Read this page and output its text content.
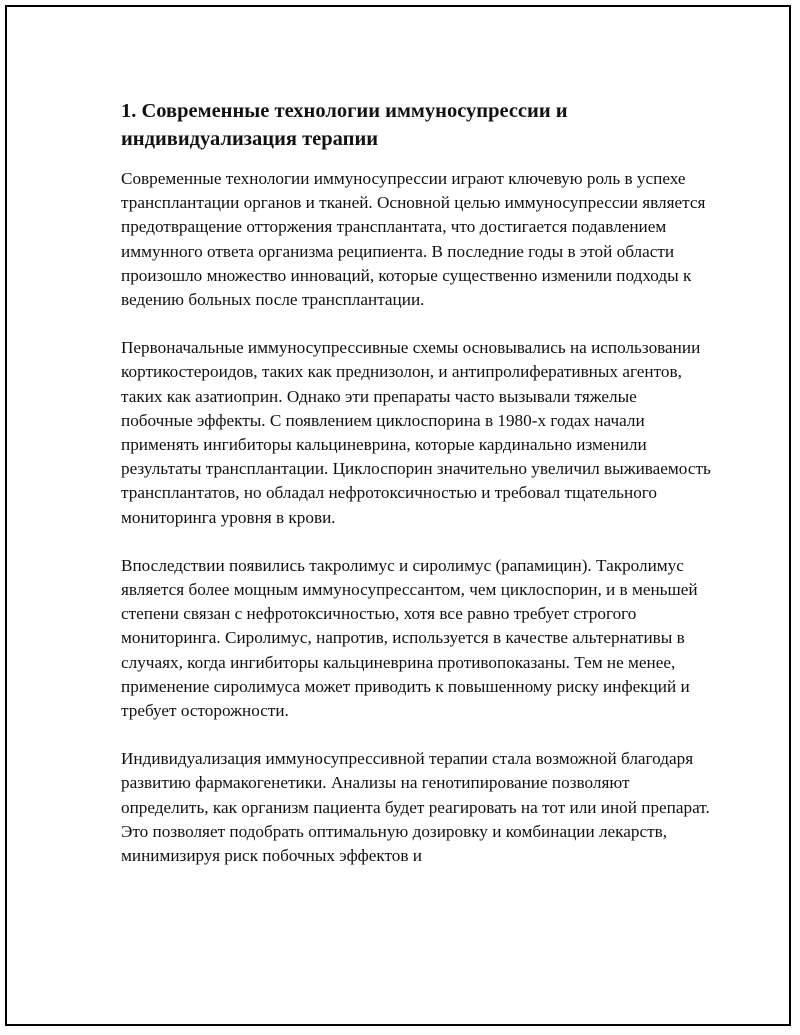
1. Современные технологии иммуносупрессии и индивидуализация терапии

Современные технологии иммуносупрессии играют ключевую роль в успехе трансплантации органов и тканей. Основной целью иммуносупрессии является предотвращение отторжения трансплантата, что достигается подавлением иммунного ответа организма реципиента. В последние годы в этой области произошло множество инноваций, которые существенно изменили подходы к ведению больных после трансплантации.

Первоначальные иммуносупрессивные схемы основывались на использовании кортикостероидов, таких как преднизолон, и антипролиферативных агентов, таких как азатиоприн. Однако эти препараты часто вызывали тяжелые побочные эффекты. С появлением циклоспорина в 1980-х годах начали применять ингибиторы кальциневрина, которые кардинально изменили результаты трансплантации. Циклоспорин значительно увеличил выживаемость трансплантатов, но обладал нефротоксичностью и требовал тщательного мониторинга уровня в крови.

Впоследствии появились такролимус и сиролимус (рапамицин). Такролимус является более мощным иммуносупрессантом, чем циклоспорин, и в меньшей степени связан с нефротоксичностью, хотя все равно требует строгого мониторинга. Сиролимус, напротив, используется в качестве альтернативы в случаях, когда ингибиторы кальциневрина противопоказаны. Тем не менее, применение сиролимуса может приводить к повышенному риску инфекций и требует осторожности.

Индивидуализация иммуносупрессивной терапии стала возможной благодаря развитию фармакогенетики. Анализы на генотипирование позволяют определить, как организм пациента будет реагировать на тот или иной препарат. Это позволяет подобрать оптимальную дозировку и комбинации лекарств, минимизируя риск побочных эффектов и
